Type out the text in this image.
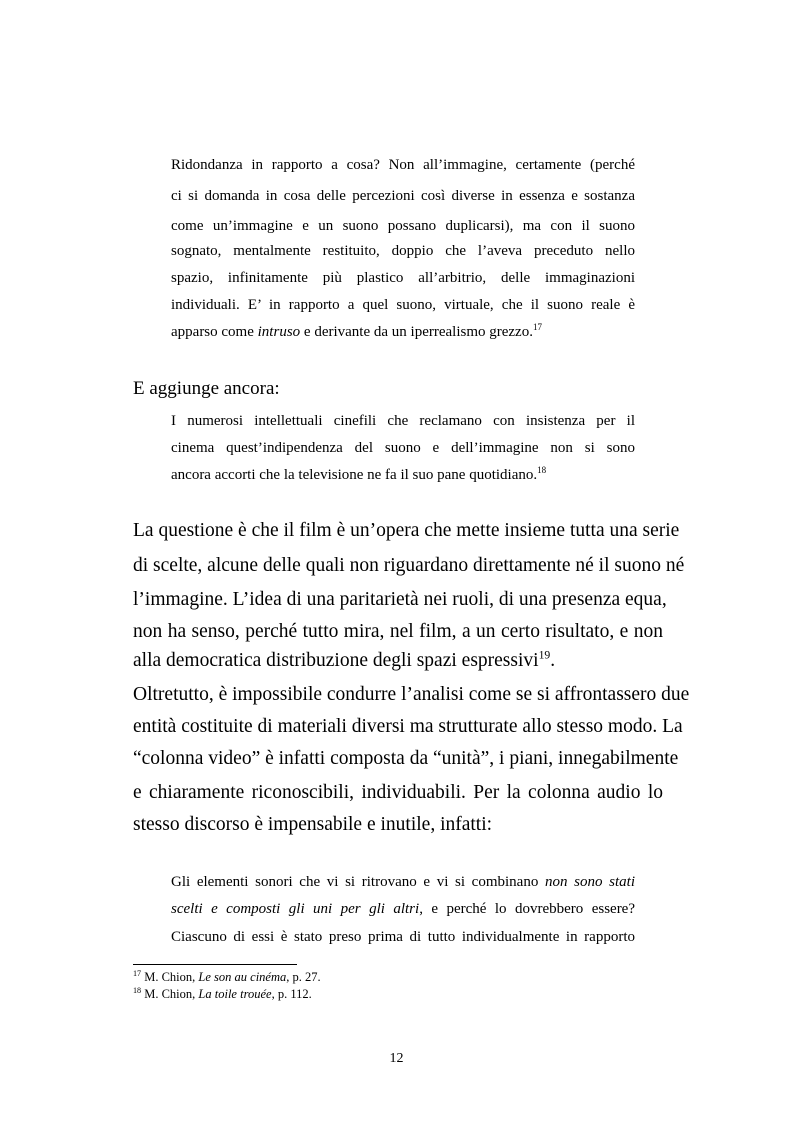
Ridondanza in rapporto a cosa? Non all’immagine, certamente (perché
ci si domanda in cosa delle percezioni così diverse in essenza e sostanza
come un’immagine e un suono possano duplicarsi), ma con il suono
sognato, mentalmente restituito, doppio che l’aveva preceduto nello
spazio, infinitamente più plastico all’arbitrio, delle immaginazioni
individuali. E’ in rapporto a quel suono, virtuale, che il suono reale è
apparso come intruso e derivante da un iperrealismo grezzo.$^{17}$
E aggiunge ancora:
I numerosi intellettuali cinefili che reclamano con insistenza per il
cinema quest’indipendenza del suono e dell’immagine non si sono
ancora accorti che la televisione ne fa il suo pane quotidiano.$^{18}$
La questione è che il film è un’opera che mette insieme tutta una serie
di scelte, alcune delle quali non riguardano direttamente né il suono né
l’immagine. L’idea di una paritarietà nei ruoli, di una presenza equa,
non ha senso, perché tutto mira, nel film, a un certo risultato, e non
alla democratica distribuzione degli spazi espressivi$^{19}$.
Oltretutto, è impossibile condurre l’analisi come se si affrontassero due
entità costituite di materiali diversi ma strutturate allo stesso modo. La
“colonna video” è infatti composta da “unità”, i piani, innegabilmente
e chiaramente riconoscibili, individuabili. Per la colonna audio lo
stesso discorso è impensabile e inutile, infatti:
Gli elementi sonori che vi si ritrovano e vi si combinano non sono stati
scelti e composti gli uni per gli altri, e perché lo dovrebbero essere?
Ciascuno di essi è stato preso prima di tutto individualmente in rapporto
$^{17}$ M. Chion, Le son au cinéma, p. 27.
$^{18}$ M. Chion, La toile trouée, p. 112.
12
